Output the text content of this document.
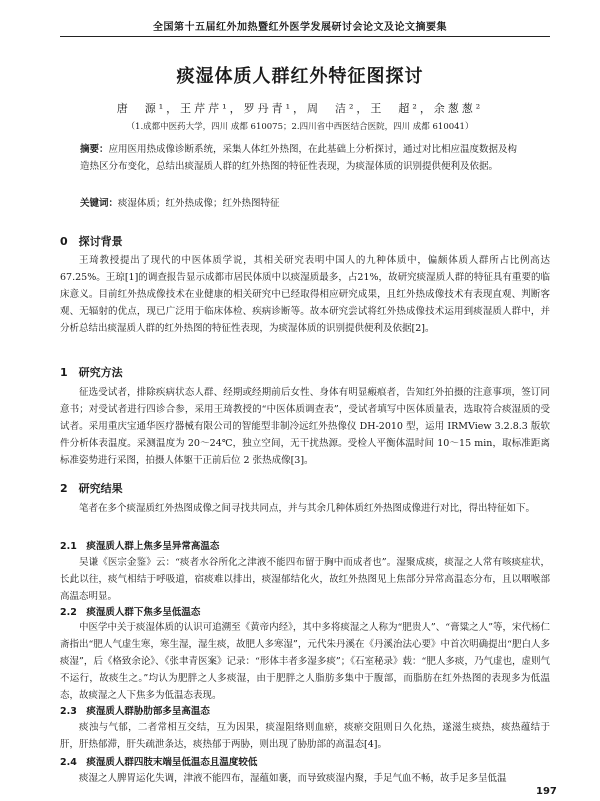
全国第十五届红外加热暨红外医学发展研讨会论文及论文摘要集
痰湿体质人群红外特征图探讨
唐　源¹，王芹芹¹，罗丹青¹，周　洁²，王　超²，余葱葱²
（1.成都中医药大学，四川 成都 610075；2.四川省中西医结合医院，四川 成都 610041）
摘要：应用医用热成像诊断系统，采集人体红外热图，在此基础上分析探讨，通过对比相应温度数据及构造热区分布变化，总结出痰湿质人群的红外热图的特征性表现，为痰湿体质的识别提供便利及依据。
关键词：痰湿体质；红外热成像；红外热图特征
0　探讨背景
王琦教授提出了现代的中医体质学说，其相关研究表明中国人的九种体质中，偏颇体质人群所占比例高达67.25%。王琼[1]的调查报告显示成都市居民体质中以痰湿质最多，占21%，故研究痰湿质人群的特征具有重要的临床意义。目前红外热成像技术在业健康的相关研究中已经取得相应研究成果，且红外热成像技术有表现直观、判断客观、无辐射的优点，现已广泛用于临床体检、疾病诊断等。故本研究尝试将红外热成像技术运用到痰湿质人群中，并分析总结出痰湿质人群的红外热图的特征性表现，为痰湿体质的识别提供便利及依据[2]。
1　研究方法
征选受试者，排除疾病状态人群、经期或经期前后女性、身体有明显瘢痕者，告知红外拍摄的注意事项，签订同意书；对受试者进行四诊合参，采用王琦教授的“中医体质调查表”，受试者填写中医体质量表，选取符合痰湿质的受试者。采用重庆宝通华医疗器械有限公司的智能型非制冷远红外热像仪 DH-2010 型，运用 IRMView 3.2.8.3 版软件分析体表温度。采测温度为 20～24℃，独立空间，无干扰热源。受检人平衡体温时间 10～15 min，取标准距离标准姿势进行采图，拍摄人体躯干正前后位 2 张热成像[3]。
2　研究结果
笔者在多个痰湿质红外热图成像之间寻找共同点，并与其余几种体质红外热图成像进行对比，得出特征如下。
2.1　痰湿质人群上焦多呈异常高温态
吴谦《医宗金鉴》云：“痰者水谷所化之津液不能四布留于胸中而成者也”。湿聚成痰，痰湿之人常有咳痰症状，长此以往，痰气相结于呼吸道，宿痰难以排出，痰湿郁结化火，故红外热图见上焦部分异常高温态分布，且以咽喉部高温态明显。
2.2　痰湿质人群下焦多呈低温态
中医学中关于痰湿体质的认识可追溯至《黄帝内经》，其中多将痰湿之人称为“肥贵人”、“膏粱之人”等，宋代杨仁斋指出“肥人气虚生寒，寒生湿，湿生痰，故肥人多寒湿”，元代朱丹溪在《丹溪治法心要》中首次明确提出“肥白人多痰湿”，后《格致余论》、《张聿青医案》记录：“形体丰者多湿多痰”；《石室秘录》载：“肥人多痰，乃气虚也，虚则气不运行，故痰生之。”均认为肥胖之人多痰湿，由于肥胖之人脂肪多集中于腹部，而脂肪在红外热图的表现多为低温态，故痰湿之人下焦多为低温态表现。
2.3　痰湿质人群胁肋部多呈高温态
痰浊与气郁，二者常相互交结，互为因果，痰湿阻络则血瘀，痰瘀交阻则日久化热，遂滋生痰热，痰热蕴结于肝，肝热郁滞，肝失疏泄条达，痰热郁于两胁，则出现了胁肋部的高温态[4]。
2.4　痰湿质人群四肢末端呈低温态且温度较低
痰湿之人脾胃运化失调，津液不能四布，湿蕴如裹，而导致痰湿内聚，手足气血不畅，故手足多呈低温
197
